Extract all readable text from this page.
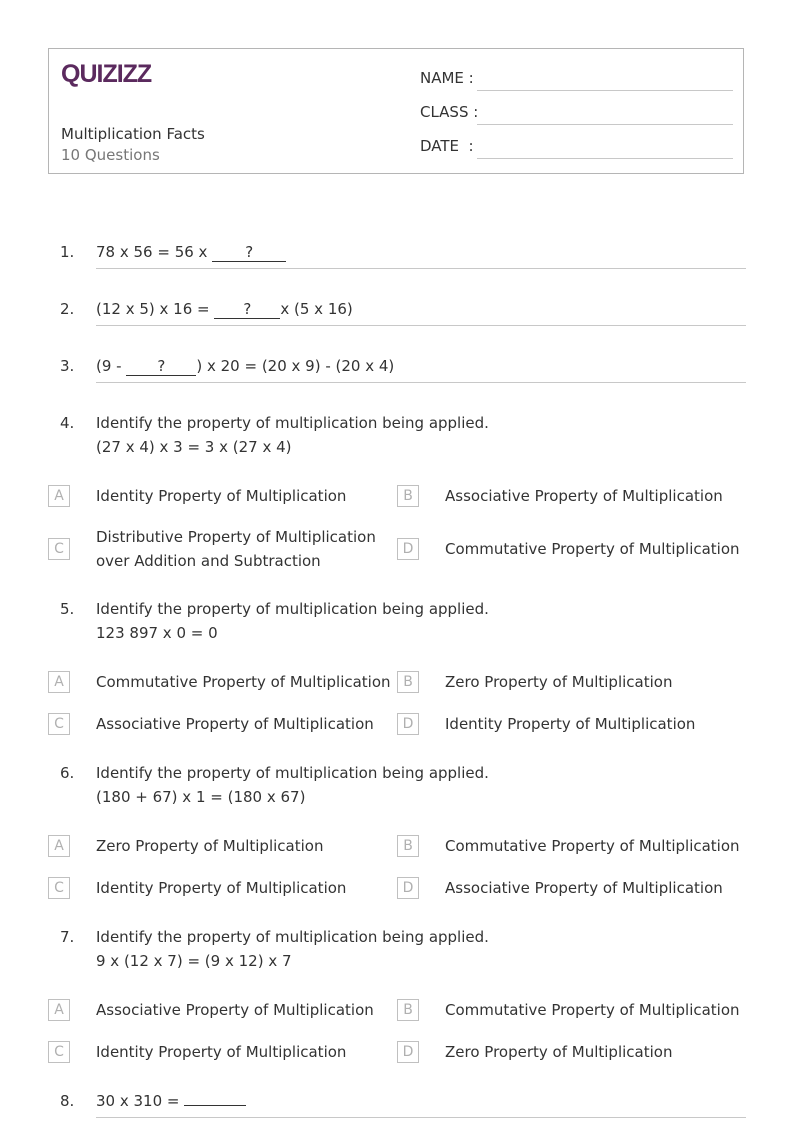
QUIZIZZ
Multiplication Facts
10 Questions
NAME :
CLASS :
DATE  :
1. 78 x 56 = 56 x ?
2. (12 x 5) x 16 = ? x (5 x 16)
3. (9 - ? ) x 20 = (20 x 9) - (20 x 4)
4. Identify the property of multiplication being applied.
(27 x 4) x 3 = 3 x (27 x 4)
A	Identity Property of Multiplication	B	Associative Property of Multiplication
C
Distributive Property of Multiplication over Addition and Subtraction
D	Commutative Property of Multiplication
5. Identify the property of multiplication being applied.
123 897 x 0 = 0
A	Commutative Property of Multiplication B	Zero Property of Multiplication
C	Associative Property of Multiplication	D	Identity Property of Multiplication
6. Identify the property of multiplication being applied.
(180 + 67) x 1 = (180 x 67)
A	Zero Property of Multiplication	B	Commutative Property of Multiplication
C	Identity Property of Multiplication	D	Associative Property of Multiplication
7. Identify the property of multiplication being applied.
9 x (12 x 7) = (9 x 12) x 7
A	Associative Property of Multiplication	B	Commutative Property of Multiplication
C	Identity Property of Multiplication	D	Zero Property of Multiplication
8. 30 x 310 =
